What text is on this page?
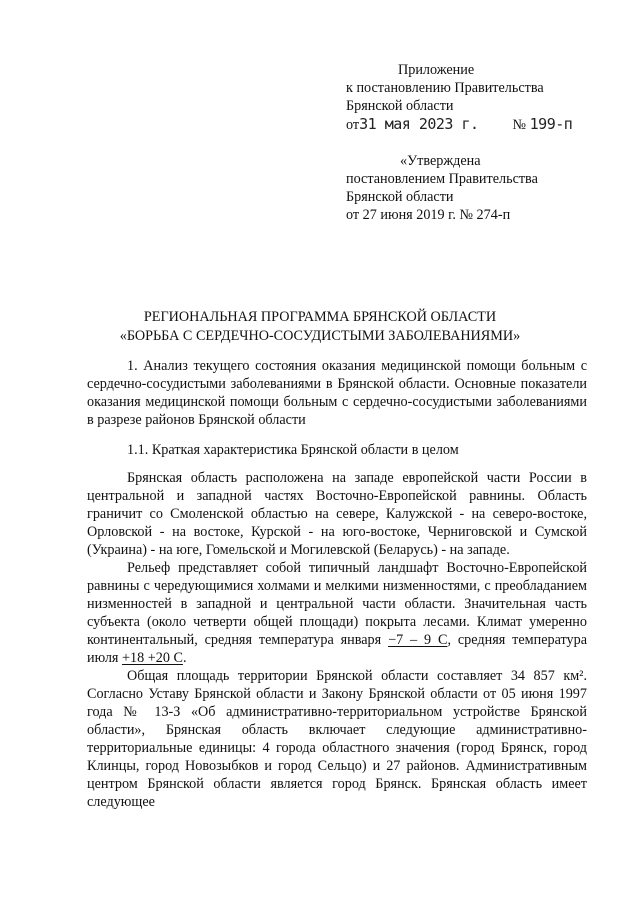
Приложение
к постановлению Правительства
Брянской области
от 31 мая 2023 г. №
199-п
«Утверждена
постановлением Правительства
Брянской области
от 27 июня 2019 г. № 274-п
РЕГИОНАЛЬНАЯ ПРОГРАММА БРЯНСКОЙ ОБЛАСТИ
«БОРЬБА С СЕРДЕЧНО-СОСУДИСТЫМИ ЗАБОЛЕВАНИЯМИ»

1. Анализ текущего состояния оказания медицинской помощи больным с сердечно-сосудистыми заболеваниями в Брянской области. Основные показатели оказания медицинской помощи больным с сердечно-сосудистыми заболеваниями в разрезе районов Брянской области

1.1. Краткая характеристика Брянской области в целом

Брянская область расположена на западе европейской части России в центральной и западной частях Восточно-Европейской равнины. Область граничит со Смоленской областью на севере, Калужской - на северо-востоке, Орловской - на востоке, Курской - на юго-востоке, Черниговской и Сумской (Украина) - на юге, Гомельской и Могилевской (Беларусь) - на западе.

Рельеф представляет собой типичный ландшафт Восточно-Европейской равнины с чередующимися холмами и мелкими низменностями, с преобладанием низменностей в западной и центральной части области. Значительная часть субъекта (около четверти общей площади) покрыта лесами. Климат умеренно континентальный, средняя температура января −7 – 9 С, средняя температура июля +18 +20 С.

Общая площадь территории Брянской области составляет 34 857 км². Согласно Уставу Брянской области и Закону Брянской области от 05 июня 1997 года № 13-З «Об административно-территориальном устройстве Брянской области», Брянская область включает следующие административно-территориальные единицы: 4 города областного значения (город Брянск, город Клинцы, город Новозыбков и город Сельцо) и 27 районов. Административным центром Брянской области является город Брянск. Брянская область имеет следующее
